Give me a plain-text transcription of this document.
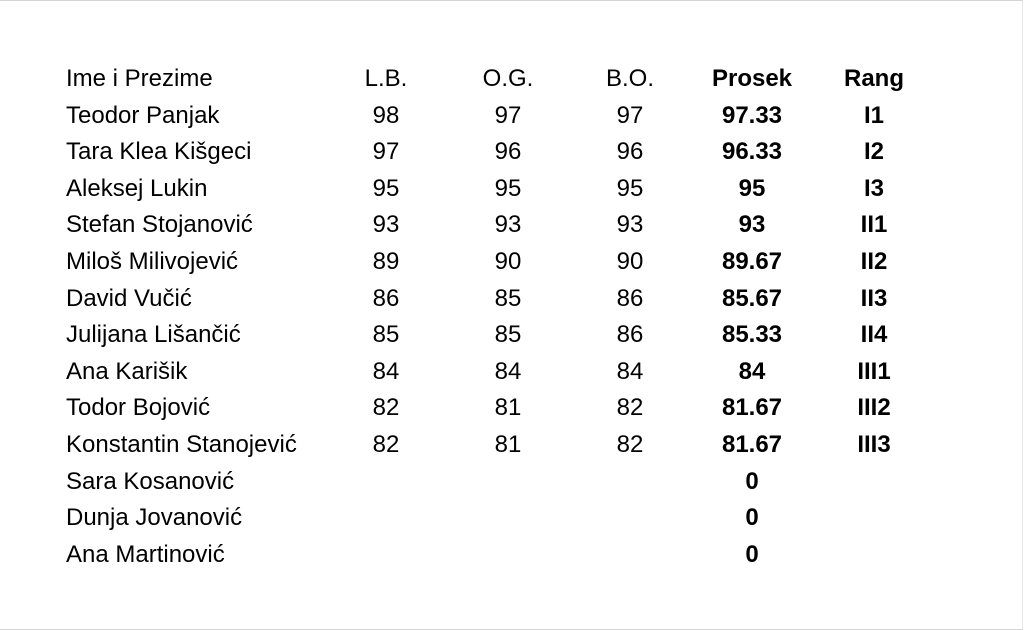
Ime i Prezime	L.B.	O.G.	B.O.	Prosek	Rang
Teodor Panjak	98	97	97	97.33	I1
Tara Klea Kišgeci	97	96	96	96.33	I2
Aleksej Lukin	95	95	95	95	I3
Stefan Stojanović	93	93	93	93	II1
Miloš Milivojević	89	90	90	89.67	II2
David Vučić	86	85	86	85.67	II3
Julijana Lišančić	85	85	86	85.33	II4
Ana Karišik	84	84	84	84	III1
Todor Bojović	82	81	82	81.67	III2
Konstantin Stanojević	82	81	82	81.67	III3
Sara Kosanović				0	
Dunja Jovanović				0	
Ana Martinović				0	
